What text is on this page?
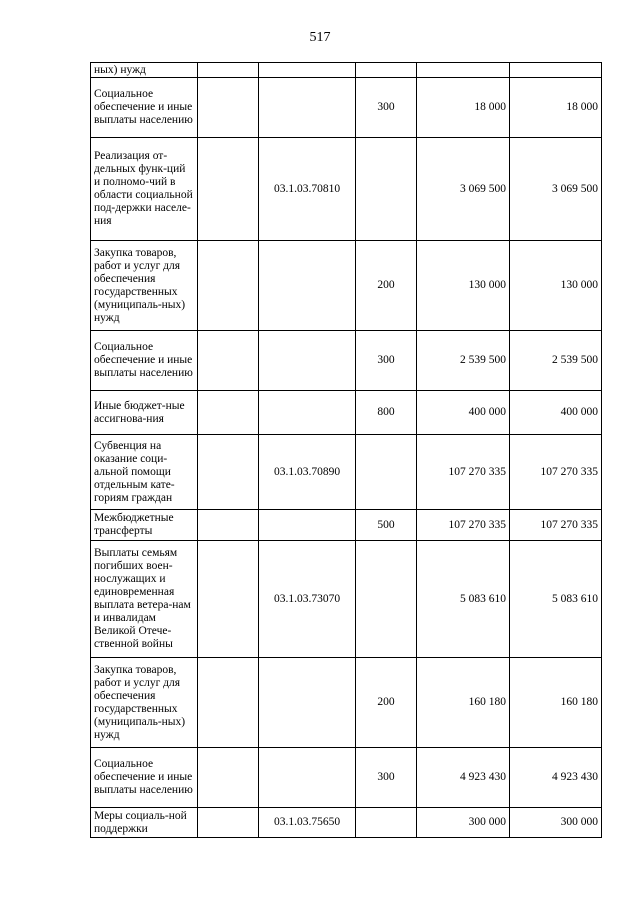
517
ных) нужд					
Социальное обеспечение и иные выплаты населению			300	18 000	18 000
Реализация от-дельных функ-ций и полномо-чий в области социальной под-держки населе-ния		03.1.03.70810		3 069 500	3 069 500
Закупка товаров, работ и услуг для обеспечения государственных (муниципаль-ных) нужд			200	130 000	130 000
Социальное обеспечение и иные выплаты населению			300	2 539 500	2 539 500
Иные бюджет-ные ассигнова-ния			800	400 000	400 000
Субвенция на оказание соци-альной помощи отдельным кате-гориям граждан		03.1.03.70890		107 270 335	107 270 335
Межбюджетные трансферты			500	107 270 335	107 270 335
Выплаты семьям погибших воен-нослужащих и единовременная выплата ветера-нам и инвалидам Великой Отече-ственной войны		03.1.03.73070		5 083 610	5 083 610
Закупка товаров, работ и услуг для обеспечения государственных (муниципаль-ных) нужд			200	160 180	160 180
Социальное обеспечение и иные выплаты населению			300	4 923 430	4 923 430
Меры социаль-ной поддержки		03.1.03.75650		300 000	300 000
